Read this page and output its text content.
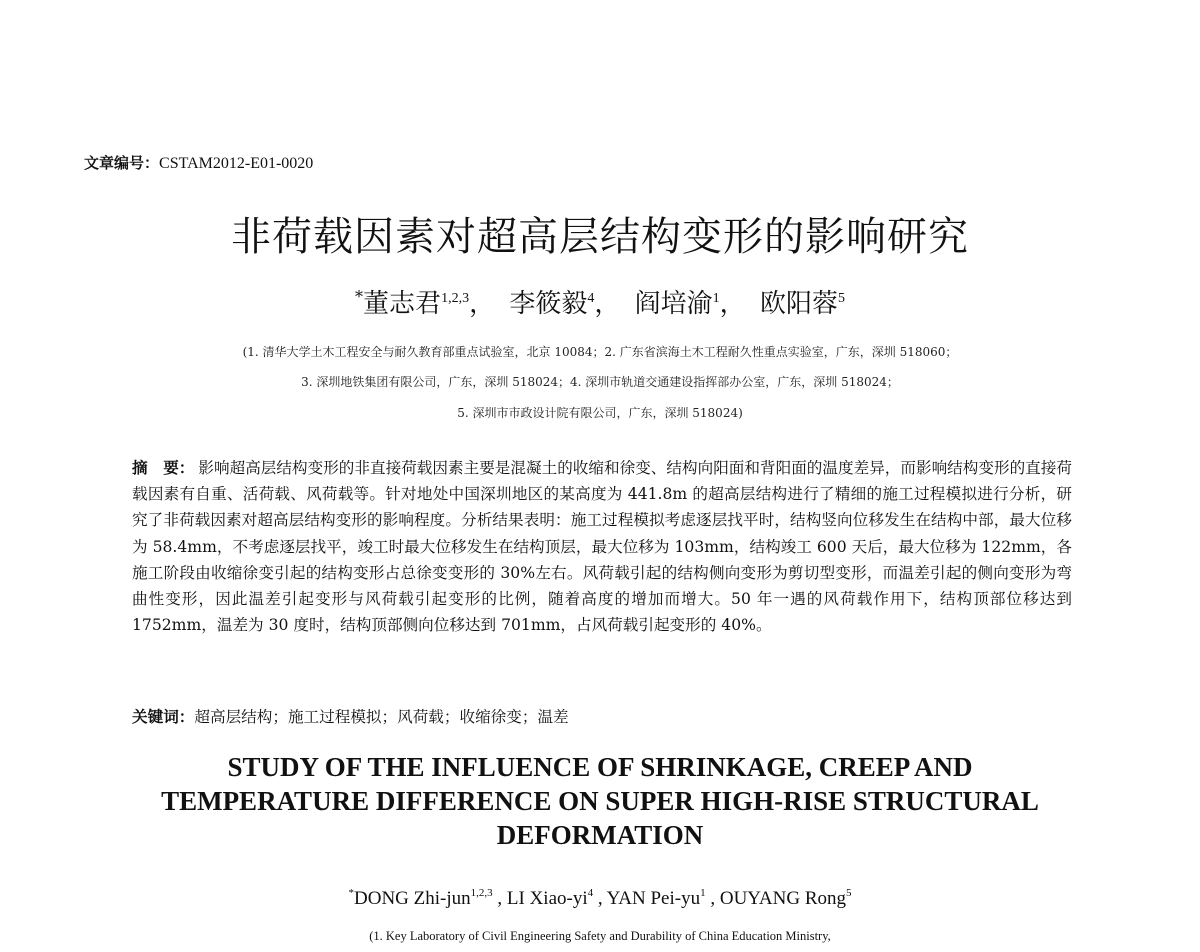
文章编号：CSTAM2012-E01-0020
非荷载因素对超高层结构变形的影响研究
*董志君$^{1,2,3}$， 李筱毅$^4$， 阎培渝$^1$， 欧阳蓉$^5$
(1. 清华大学土木工程安全与耐久教育部重点试验室，北京 10084；2. 广东省滨海土木工程耐久性重点实验室，广东，深圳 518060；
3. 深圳地铁集团有限公司，广东，深圳 518024；4. 深圳市轨道交通建设指挥部办公室，广东，深圳 518024；
5. 深圳市市政设计院有限公司，广东，深圳 518024)
摘　要： 影响超高层结构变形的非直接荷载因素主要是混凝土的收缩和徐变、结构向阳面和背阳面的温度差异，而影响结构变形的直接荷载因素有自重、活荷载、风荷载等。针对地处中国深圳地区的某高度为 441.8m 的超高层结构进行了精细的施工过程模拟进行分析，研究了非荷载因素对超高层结构变形的影响程度。分析结果表明：施工过程模拟考虑逐层找平时，结构竖向位移发生在结构中部，最大位移为 58.4mm，不考虑逐层找平，竣工时最大位移发生在结构顶层，最大位移为 103mm，结构竣工 600 天后，最大位移为 122mm，各施工阶段由收缩徐变引起的结构变形占总徐变变形的 30%左右。风荷载引起的结构侧向变形为剪切型变形，而温差引起的侧向变形为弯曲性变形，因此温差引起变形与风荷载引起变形的比例，随着高度的增加而增大。50 年一遇的风荷载作用下，结构顶部位移达到 1752mm，温差为 30 度时，结构顶部侧向位移达到 701mm，占风荷载引起变形的 40%。
关键词：超高层结构；施工过程模拟；风荷载；收缩徐变；温差
STUDY OF THE INFLUENCE OF SHRINKAGE, CREEP AND
TEMPERATURE DIFFERENCE ON SUPER HIGH-RISE STRUCTURAL
DEFORMATION
*DONG Zhi-jun$^{1,2,3}$ , LI Xiao-$yi^4$ , YAN Pei-$yu^1$ , OUYANG Rong$^5$
(1. Key Laboratory of Civil Engineering Safety and Durability of China Education Ministry,
